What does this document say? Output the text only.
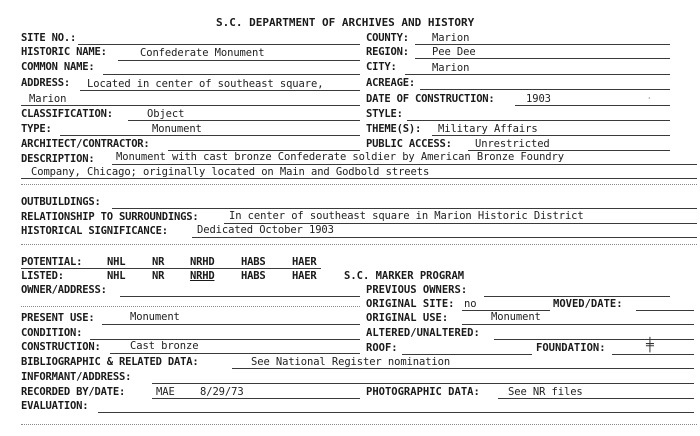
S.C. DEPARTMENT OF ARCHIVES AND HISTORY
SITE NO.:	COUNTY: Marion
HISTORIC NAME:	Confederate Monument	REGION: Pee Dee
COMMON NAME:	CITY:	Marion
ADDRESS: Located in center of southeast square,	ACREAGE:
Marion	DATE OF CONSTRUCTION:	1903
CLASSIFICATION:	Object	STYLE:
TYPE:	Monument	THEME(S): Military Affairs
ARCHITECT/CONTRACTOR:	PUBLIC ACCESS: Unrestricted
DESCRIPTION: Monument with cast bronze Confederate soldier by American Bronze Foundry
Company, Chicago; originally located on Main and Godbold streets
OUTBUILDINGS:
RELATIONSHIP TO SURROUNDINGS:	In center of southeast square in Marion Historic District
HISTORICAL SIGNIFICANCE:	Dedicated October 1903
POTENTIAL: NHL	NR NRHD	HABS	HAER
LISTED:	NHL	NR NRHD	HABS	HAER	S.C. MARKER PROGRAM
OWNER/ADDRESS:	PREVIOUS OWNERS:
ORIGINAL SITE: no	MOVED/DATE:
PRESENT USE:	Monument	ORIGINAL USE:	Monument
CONDITION:	ALTERED/UNALTERED:
CONSTRUCTION:	Cast bronze	ROOF:	FOUNDATION:
BIBLIOGRAPHIC & RELATED DATA:	See National Register nomination
INFORMANT/ADDRESS:
RECORDED BY/DATE:	MAE 8/29/73	PHOTOGRAPHIC DATA:	See NR files
EVALUATION:
·
╪
